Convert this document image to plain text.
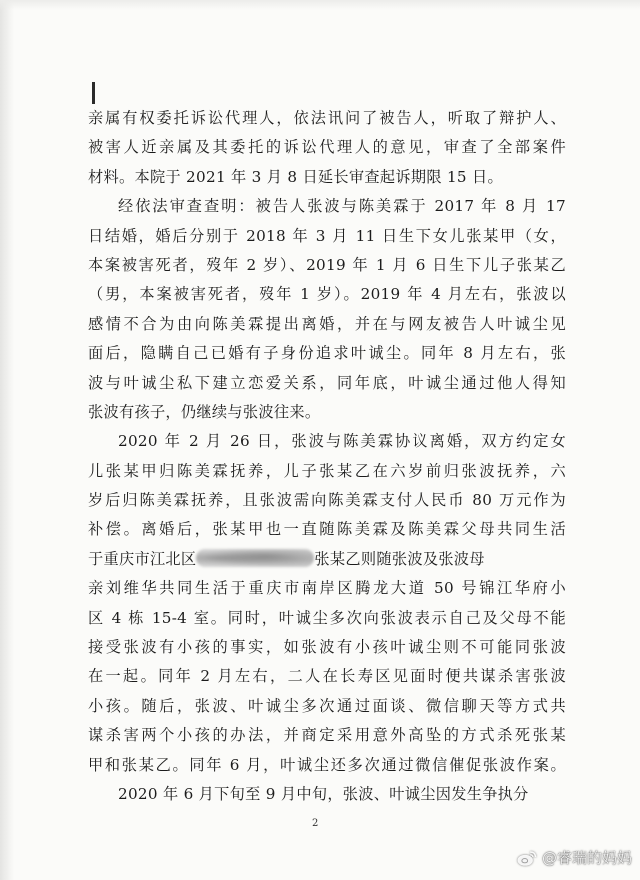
亲属有权委托诉讼代理人，依法讯问了被告人，听取了辩护人、
被害人近亲属及其委托的诉讼代理人的意见，审查了全部案件
材料。本院于 2021 年 3 月 8 日延长审查起诉期限 15 日。
经依法审查查明：被告人张波与陈美霖于 2017 年 8 月 17
日结婚，婚后分别于 2018 年 3 月 11 日生下女儿张某甲（女，
本案被害死者，歿年 2 岁）、2019 年 1 月 6 日生下儿子张某乙
（男，本案被害死者，歿年 1 岁）。2019 年 4 月左右，张波以
感情不合为由向陈美霖提出离婚，并在与网友被告人叶诚尘见
面后，隐瞒自己已婚有子身份追求叶诚尘。同年 8 月左右，张
波与叶诚尘私下建立恋爱关系，同年底，叶诚尘通过他人得知
张波有孩子，仍继续与张波往来。
2020 年 2 月 26 日，张波与陈美霖协议离婚，双方约定女
儿张某甲归陈美霖抚养，儿子张某乙在六岁前归张波抚养，六
岁后归陈美霖抚养，且张波需向陈美霖支付人民币 80 万元作为
补偿。离婚后，张某甲也一直随陈美霖及陈美霖父母共同生活
于重庆市江北区	张某乙则随张波及张波母
亲刘维华共同生活于重庆市南岸区腾龙大道 50 号锦江华府小
区 4 栋 15-4 室。同时，叶诚尘多次向张波表示自己及父母不能
接受张波有小孩的事实，如张波有小孩叶诚尘则不可能同张波
在一起。同年 2 月左右，二人在长寿区见面时便共谋杀害张波
小孩。随后，张波、叶诚尘多次通过面谈、微信聊天等方式共
谋杀害两个小孩的办法，并商定采用意外高坠的方式杀死张某
甲和张某乙。同年 6 月，叶诚尘还多次通过微信催促张波作案。
2020 年 6 月下旬至 9 月中旬，张波、叶诚尘因发生争执分
2
@睿瑞的妈妈
